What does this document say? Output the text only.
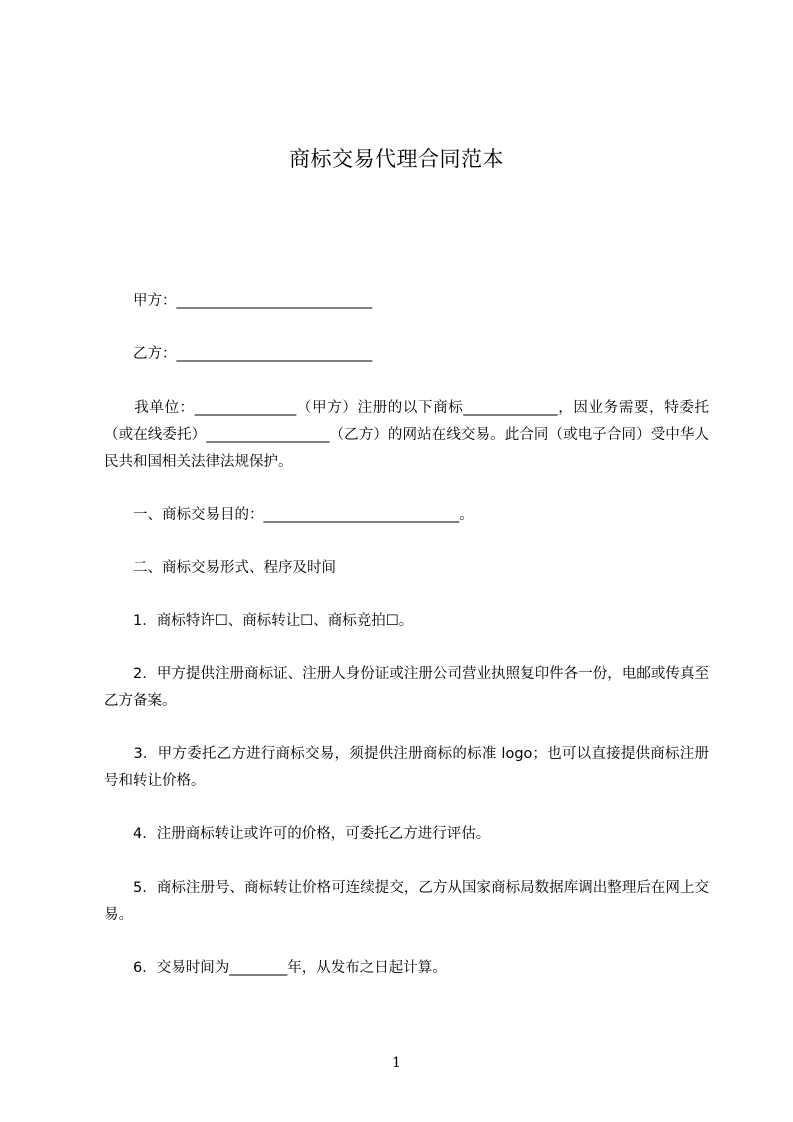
商标交易代理合同范本
　　甲方：___________________________
　　乙方：___________________________
　　我单位：______________（甲方）注册的以下商标_____________，因业务需要，特委托（或在线委托）_________________（乙方）的网站在线交易。此合同（或电子合同）受中华人民共和国相关法律法规保护。
　　一、商标交易目的：___________________________。
　　二、商标交易形式、程序及时间
　　1．商标特许☐、商标转让☐、商标竞拍☐。
　　2．甲方提供注册商标证、注册人身份证或注册公司营业执照复印件各一份，电邮或传真至乙方备案。
　　3．甲方委托乙方进行商标交易，须提供注册商标的标准 logo；也可以直接提供商标注册号和转让价格。
　　4．注册商标转让或许可的价格，可委托乙方进行评估。
　　5．商标注册号、商标转让价格可连续提交，乙方从国家商标局数据库调出整理后在网上交易。
　　6．交易时间为________年，从发布之日起计算。
1
